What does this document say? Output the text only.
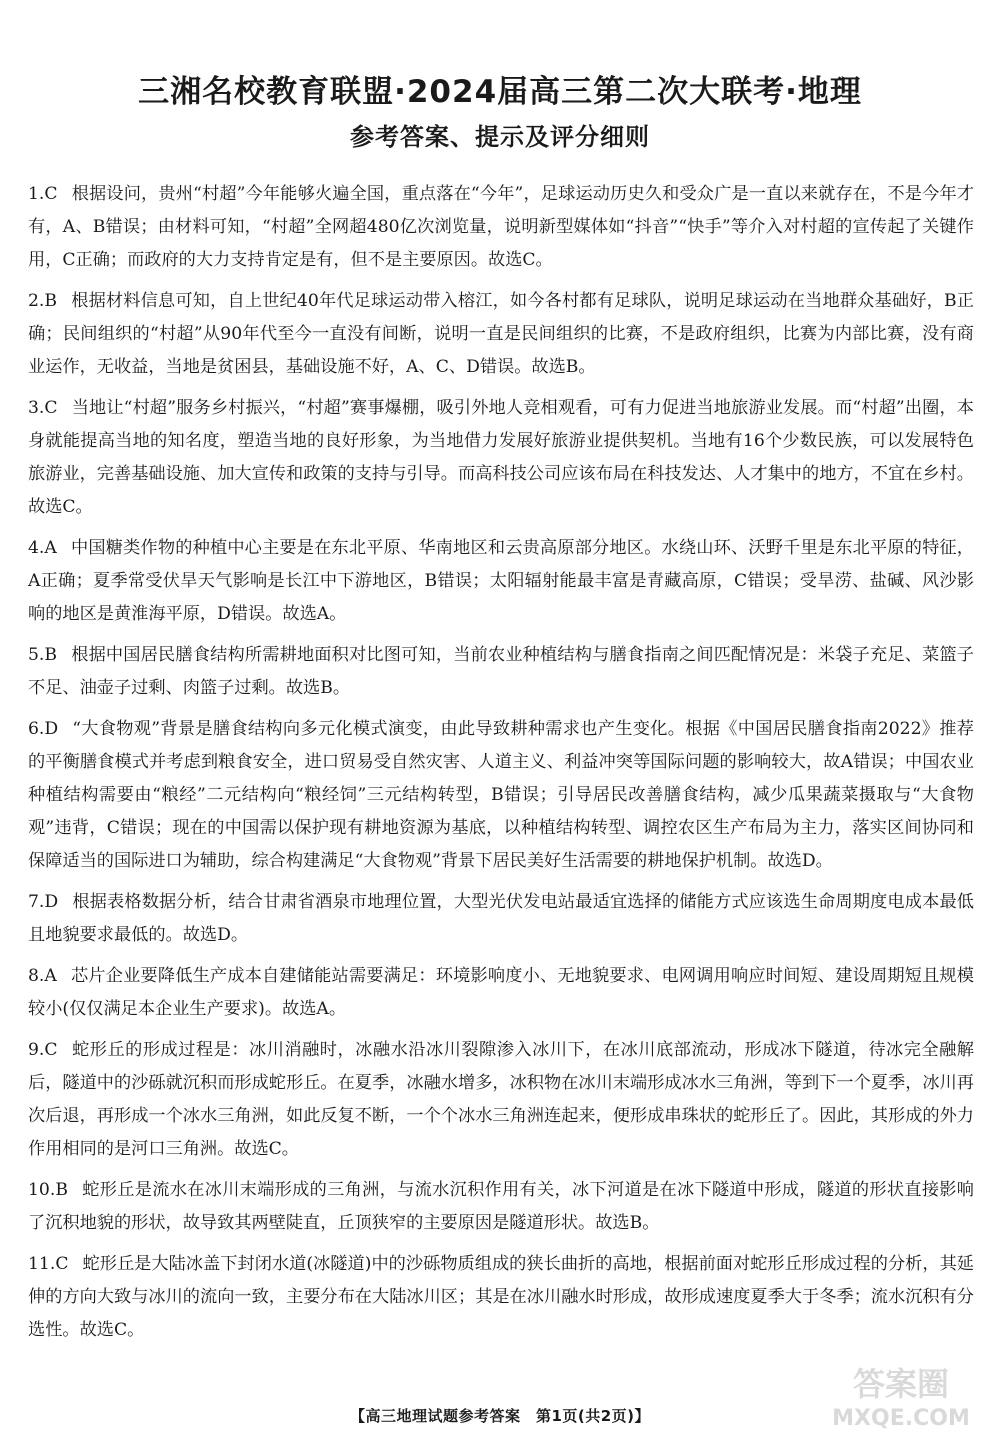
三湘名校教育联盟·2024届高三第二次大联考·地理
参考答案、提示及评分细则

1.C 根据设问，贵州“村超”今年能够火遍全国，重点落在“今年”，足球运动历史久和受众广是一直以来就存在，不是今年才有，A、B错误；由材料可知，“村超”全网超480亿次浏览量，说明新型媒体如“抖音”“快手”等介入对村超的宣传起了关键作用，C正确；而政府的大力支持肯定是有，但不是主要原因。故选C。

2.B 根据材料信息可知，自上世纪40年代足球运动带入榕江，如今各村都有足球队，说明足球运动在当地群众基础好，B正确；民间组织的“村超”从90年代至今一直没有间断，说明一直是民间组织的比赛，不是政府组织，比赛为内部比赛，没有商业运作，无收益，当地是贫困县，基础设施不好，A、C、D错误。故选B。

3.C 当地让“村超”服务乡村振兴，“村超”赛事爆棚，吸引外地人竞相观看，可有力促进当地旅游业发展。而“村超”出圈，本身就能提高当地的知名度，塑造当地的良好形象，为当地借力发展好旅游业提供契机。当地有16个少数民族，可以发展特色旅游业，完善基础设施、加大宣传和政策的支持与引导。而高科技公司应该布局在科技发达、人才集中的地方，不宜在乡村。故选C。

4.A 中国糖类作物的种植中心主要是在东北平原、华南地区和云贵高原部分地区。水绕山环、沃野千里是东北平原的特征，A正确；夏季常受伏旱天气影响是长江中下游地区，B错误；太阳辐射能最丰富是青藏高原，C错误；受旱涝、盐碱、风沙影响的地区是黄淮海平原，D错误。故选A。

5.B 根据中国居民膳食结构所需耕地面积对比图可知，当前农业种植结构与膳食指南之间匹配情况是：米袋子充足、菜篮子不足、油壶子过剩、肉篮子过剩。故选B。

6.D “大食物观”背景是膳食结构向多元化模式演变，由此导致耕种需求也产生变化。根据《中国居民膳食指南2022》推荐的平衡膳食模式并考虑到粮食安全，进口贸易受自然灾害、人道主义、利益冲突等国际问题的影响较大，故A错误；中国农业种植结构需要由“粮经”二元结构向“粮经饲”三元结构转型，B错误；引导居民改善膳食结构，减少瓜果蔬菜摄取与“大食物观”违背，C错误；现在的中国需以保护现有耕地资源为基底，以种植结构转型、调控农区生产布局为主力，落实区间协同和保障适当的国际进口为辅助，综合构建满足“大食物观”背景下居民美好生活需要的耕地保护机制。故选D。

7.D 根据表格数据分析，结合甘肃省酒泉市地理位置，大型光伏发电站最适宜选择的储能方式应该选生命周期度电成本最低且地貌要求最低的。故选D。

8.A 芯片企业要降低生产成本自建储能站需要满足：环境影响度小、无地貌要求、电网调用响应时间短、建设周期短且规模较小(仅仅满足本企业生产要求)。故选A。

9.C 蛇形丘的形成过程是：冰川消融时，冰融水沿冰川裂隙渗入冰川下，在冰川底部流动，形成冰下隧道，待冰完全融解后，隧道中的沙砾就沉积而形成蛇形丘。在夏季，冰融水增多，冰积物在冰川末端形成冰水三角洲，等到下一个夏季，冰川再次后退，再形成一个冰水三角洲，如此反复不断，一个个冰水三角洲连起来，便形成串珠状的蛇形丘了。因此，其形成的外力作用相同的是河口三角洲。故选C。

10.B 蛇形丘是流水在冰川末端形成的三角洲，与流水沉积作用有关，冰下河道是在冰下隧道中形成，隧道的形状直接影响了沉积地貌的形状，故导致其两壁陡直，丘顶狭窄的主要原因是隧道形状。故选B。

11.C 蛇形丘是大陆冰盖下封闭水道(冰隧道)中的沙砾物质组成的狭长曲折的高地，根据前面对蛇形丘形成过程的分析，其延伸的方向大致与冰川的流向一致，主要分布在大陆冰川区；其是在冰川融水时形成，故形成速度夏季大于冬季；流水沉积有分选性。故选C。

【高三地理试题参考答案　第1页(共2页)】
答案圈
MXQE.COM
